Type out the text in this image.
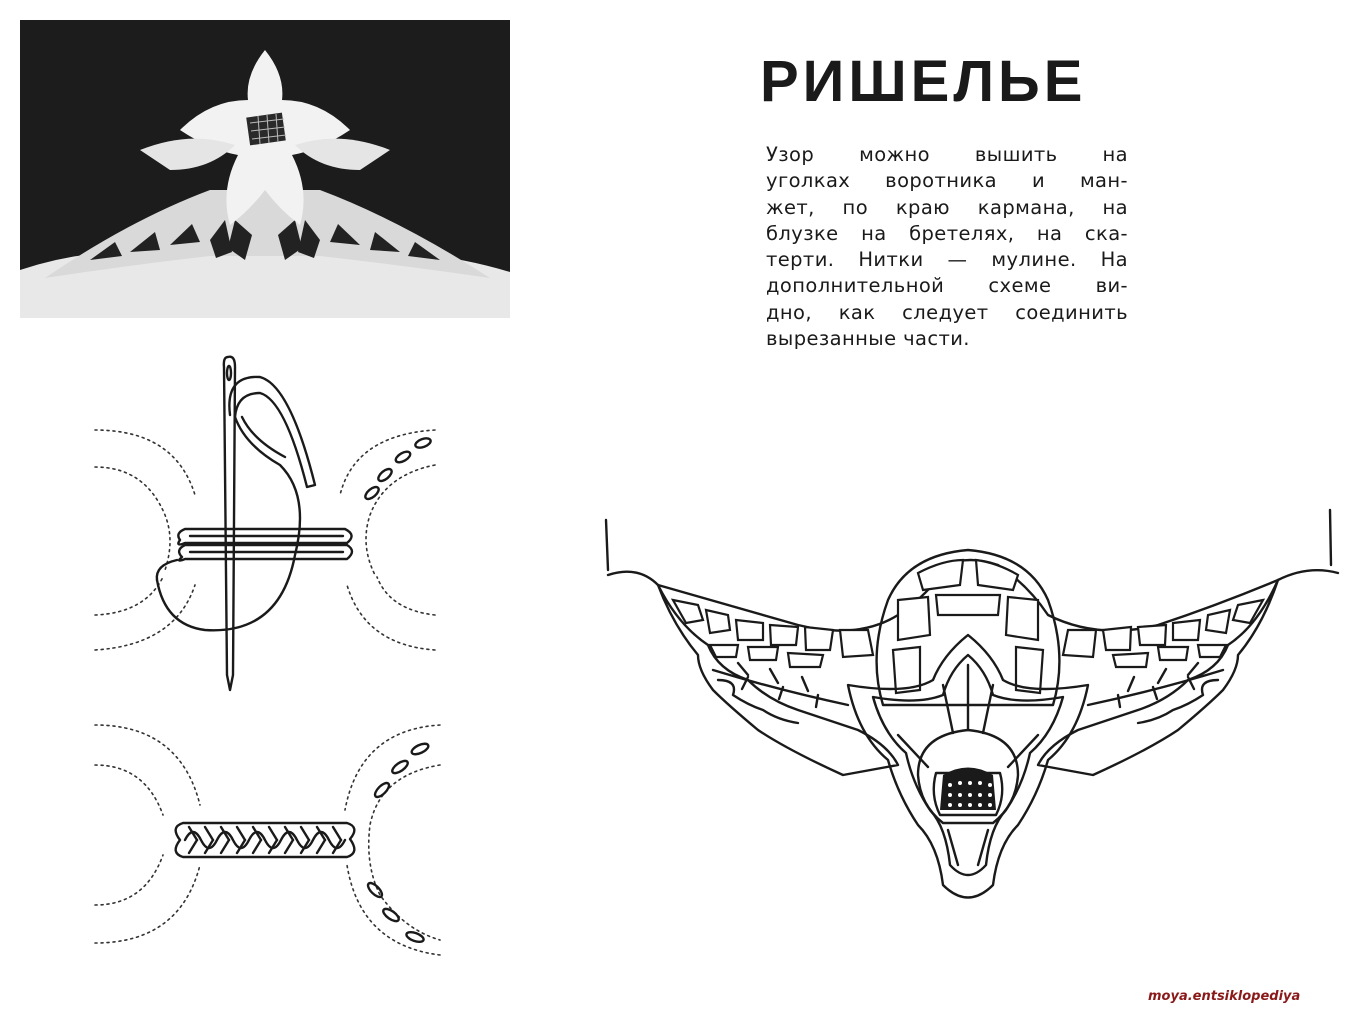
РИШЕЛЬЕ
Узор можно вышить на
уголках воротника и ман-
жет, по краю кармана, на
блузке на бретелях, на ска-
терти. Нитки — мулине. На
дополнительной схеме ви-
дно, как следует соединить
вырезанные части.
moya.entsiklopediya
